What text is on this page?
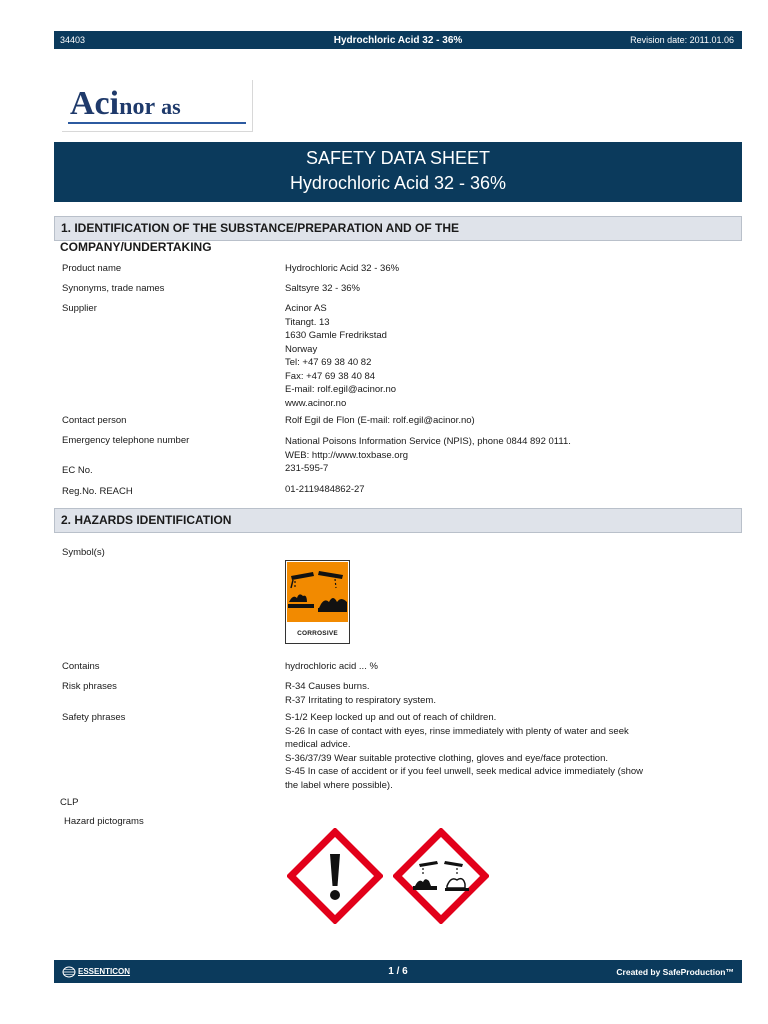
34403	Hydrochloric Acid 32 - 36%	Revision date: 2011.01.06
Acinor as
SAFETY DATA SHEET
Hydrochloric Acid 32 - 36%
1. IDENTIFICATION OF THE SUBSTANCE/PREPARATION AND OF THE
COMPANY/UNDERTAKING
Product name	Hydrochloric Acid 32 - 36%
Synonyms, trade names	Saltsyre 32 - 36%
Supplier	Acinor AS
Titangt. 13
1630 Gamle Fredrikstad
Norway
Tel: +47 69 38 40 82
Fax: +47 69 38 40 84
E-mail: rolf.egil@acinor.no
www.acinor.no
Contact person	Rolf Egil de Flon (E-mail: rolf.egil@acinor.no)
Emergency telephone number	National Poisons Information Service (NPIS), phone 0844 892 0111.
WEB: http://www.toxbase.org
EC No.	231-595-7
Reg.No. REACH	01-2119484862-27
2. HAZARDS IDENTIFICATION
Symbol(s)
CORROSIVE
Contains	hydrochloric acid ... %
Risk phrases	R-34 Causes burns.
R-37 Irritating to respiratory system.
Safety phrases	S-1/2 Keep locked up and out of reach of children.
S-26 In case of contact with eyes, rinse immediately with plenty of water and seek
medical advice.
S-36/37/39 Wear suitable protective clothing, gloves and eye/face protection.
S-45 In case of accident or if you feel unwell, seek medical advice immediately (show
the label where possible).
CLP
Hazard pictograms
ESSENTICON	1 / 6	Created by SafeProduction™
